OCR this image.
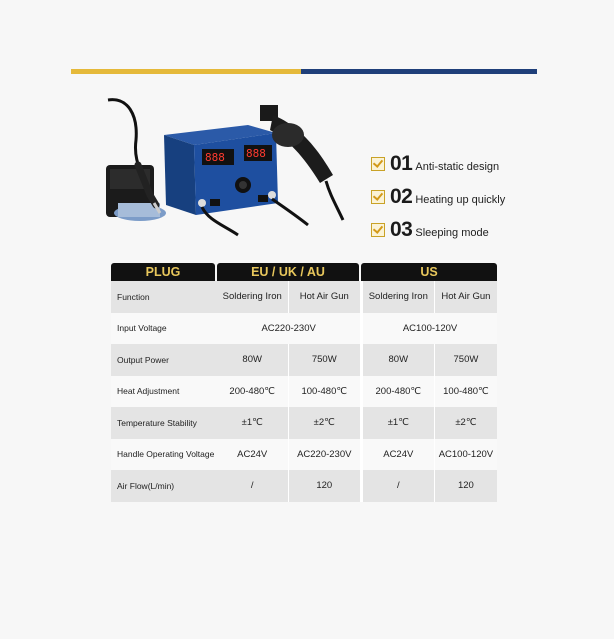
888 888	01 Anti-static design
02 Heating up quickly
03 Sleeping mode
PLUG	EU / UK / AU	US
Function	Soldering Iron	Hot Air Gun	Soldering Iron	Hot Air Gun
Input Voltage	AC220-230V	AC100-120V
Output Power	80W	750W	80W	750W
Heat Adjustment	200-480℃	100-480℃	200-480℃	100-480℃
Temperature Stability	±1℃	±2℃	±1℃	±2℃
Handle Operating Voltage	AC24V	AC220-230V	AC24V	AC100-120V
Air Flow(L/min)	/	120	/	120
